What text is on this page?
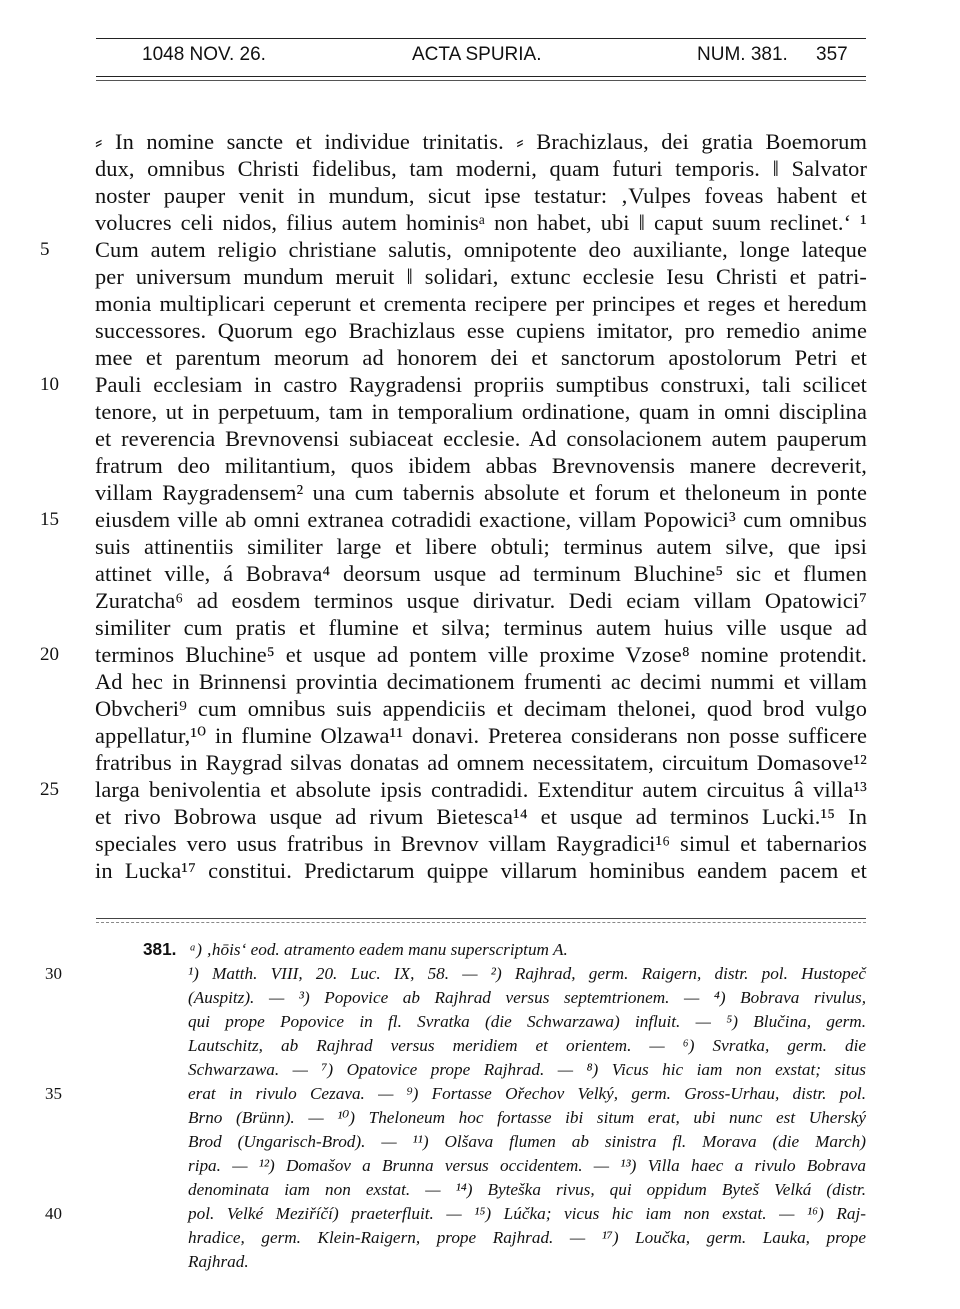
1048 NOV. 26.	ACTA SPURIA.	NUM. 381. 357
⸗ In nomine sancte et individue trinitatis. ⸗ Brachizlaus, dei gratia Boemorum
dux, omnibus Christi fidelibus, tam moderni, quam futuri temporis. ‖ Salvator
noster pauper venit in mundum, sicut ipse testatur: ‚Vulpes foveas habent et
volucres celi nidos, filius autem hominisᵃ non habet, ubi ‖ caput suum reclinet.‘ ¹
Cum autem religio christiane salutis, omnipotente deo auxiliante, longe lateque
per universum mundum meruit ‖ solidari, extunc ecclesie Iesu Christi et patri-
monia multiplicari ceperunt et crementa recipere per principes et reges et heredum
successores. Quorum ego Brachizlaus esse cupiens imitator, pro remedio anime
mee et parentum meorum ad honorem dei et sanctorum apostolorum Petri et
Pauli ecclesiam in castro Raygradensi propriis sumptibus construxi, tali scilicet
tenore, ut in perpetuum, tam in temporalium ordinatione, quam in omni disciplina
et reverencia Brevnovensi subiaceat ecclesie. Ad consolacionem autem pauperum
fratrum deo militantium, quos ibidem abbas Brevnovensis manere decreverit,
villam Raygradensem² una cum tabernis absolute et forum et theloneum in ponte
eiusdem ville ab omni extranea cotradidi exactione, villam Popowici³ cum omnibus
suis attinentiis similiter large et libere obtuli; terminus autem silve, que ipsi
attinet ville, á Bobrava⁴ deorsum usque ad terminum Bluchine⁵ sic et flumen
Zuratcha⁶ ad eosdem terminos usque dirivatur. Dedi eciam villam Opatowici⁷
similiter cum pratis et flumine et silva; terminus autem huius ville usque ad
terminos Bluchine⁵ et usque ad pontem ville proxime Vzose⁸ nomine protendit.
Ad hec in Brinnensi provintia decimationem frumenti ac decimi nummi et villam
Obvcheri⁹ cum omnibus suis appendiciis et decimam thelonei, quod brod vulgo
appellatur,¹⁰ in flumine Olzawa¹¹ donavi. Preterea considerans non posse sufficere
fratribus in Raygrad silvas donatas ad omnem necessitatem, circuitum Domasove¹²
larga benivolentia et absolute ipsis contradidi. Extenditur autem circuitus â villa¹³
et rivo Bobrowa usque ad rivum Bietesca¹⁴ et usque ad terminos Lucki.¹⁵ In
speciales vero usus fratribus in Brevnov villam Raygradici¹⁶ simul et tabernarios
in Lucka¹⁷ constitui. Predictarum quippe villarum hominibus eandem pacem et
5
10
15
20
25
381. ᵃ) ‚hōis‘ eod. atramento eadem manu superscriptum A.
¹) Matth. VIII, 20. Luc. IX, 58. — ²) Rajhrad, germ. Raigern, distr. pol. Hustopeč
(Auspitz). — ³) Popovice ab Rajhrad versus septemtrionem. — ⁴) Bobrava rivulus,
qui prope Popovice in fl. Svratka (die Schwarzawa) influit. — ⁵) Blučina, germ.
Lautschitz, ab Rajhrad versus meridiem et orientem. — ⁶) Svratka, germ. die
Schwarzawa. — ⁷) Opatovice prope Rajhrad. — ⁸) Vicus hic iam non exstat; situs
erat in rivulo Cezava. — ⁹) Fortasse Ořechov Velký, germ. Gross-Urhau, distr. pol.
Brno (Brünn). — ¹⁰) Theloneum hoc fortasse ibi situm erat, ubi nunc est Uherský
Brod (Ungarisch-Brod). — ¹¹) Olšava flumen ab sinistra fl. Morava (die March)
ripa. — ¹²) Domašov a Brunna versus occidentem. — ¹³) Villa haec a rivulo Bobrava
denominata iam non exstat. — ¹⁴) Byteška rivus, qui oppidum Byteš Velká (distr.
pol. Velké Meziříčí) praeterfluit. — ¹⁵) Lúčka; vicus hic iam non exstat. — ¹⁶) Raj-
hradice, germ. Klein-Raigern, prope Rajhrad. — ¹⁷) Loučka, germ. Lauka, prope
Rajhrad.
30
35
40
